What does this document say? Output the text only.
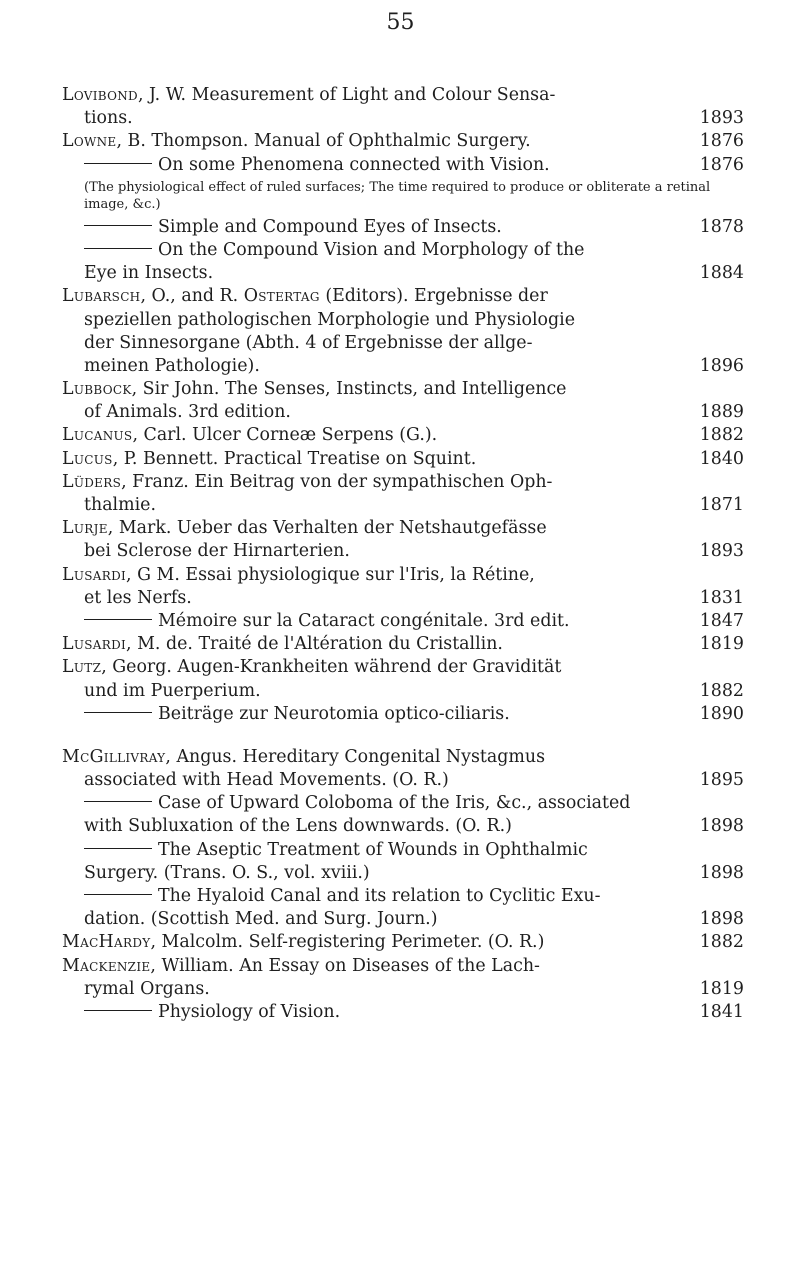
55
Lovibond, J. W. Measurement of Light and Colour Sensa-
tions.	1893
Lowne, B. Thompson. Manual of Ophthalmic Surgery.	1876
On some Phenomena connected with Vision.	1876
(The physiological effect of ruled surfaces; The time required to produce or obliterate a retinal image, &c.)
Simple and Compound Eyes of Insects.	1878
On the Compound Vision and Morphology of the
Eye in Insects.	1884
Lubarsch, O., and R. Ostertag (Editors). Ergebnisse der
speziellen pathologischen Morphologie und Physiologie
der Sinnesorgane (Abth. 4 of Ergebnisse der allge-
meinen Pathologie).	1896
Lubbock, Sir John. The Senses, Instincts, and Intelligence
of Animals. 3rd edition.	1889
Lucanus, Carl. Ulcer Corneæ Serpens (G.).	1882
Lucus, P. Bennett. Practical Treatise on Squint.	1840
Lüders, Franz. Ein Beitrag von der sympathischen Oph-
thalmie.	1871
Lurje, Mark. Ueber das Verhalten der Netshautgefässe
bei Sclerose der Hirnarterien.	1893
Lusardi, G M. Essai physiologique sur l'Iris, la Rétine,
et les Nerfs.	1831
Mémoire sur la Cataract congénitale. 3rd edit.	1847
Lusardi, M. de. Traité de l'Altération du Cristallin.	1819
Lutz, Georg. Augen-Krankheiten während der Gravidität
und im Puerperium.	1882
Beiträge zur Neurotomia optico-ciliaris.	1890
McGillivray, Angus. Hereditary Congenital Nystagmus
associated with Head Movements. (O. R.)	1895
Case of Upward Coloboma of the Iris, &c., associated
with Subluxation of the Lens downwards. (O. R.)	1898
The Aseptic Treatment of Wounds in Ophthalmic
Surgery. (Trans. O. S., vol. xviii.)	1898
The Hyaloid Canal and its relation to Cyclitic Exu-
dation. (Scottish Med. and Surg. Journ.)	1898
MacHardy, Malcolm. Self-registering Perimeter. (O. R.)	1882
Mackenzie, William. An Essay on Diseases of the Lach-
rymal Organs.	1819
Physiology of Vision.	1841
